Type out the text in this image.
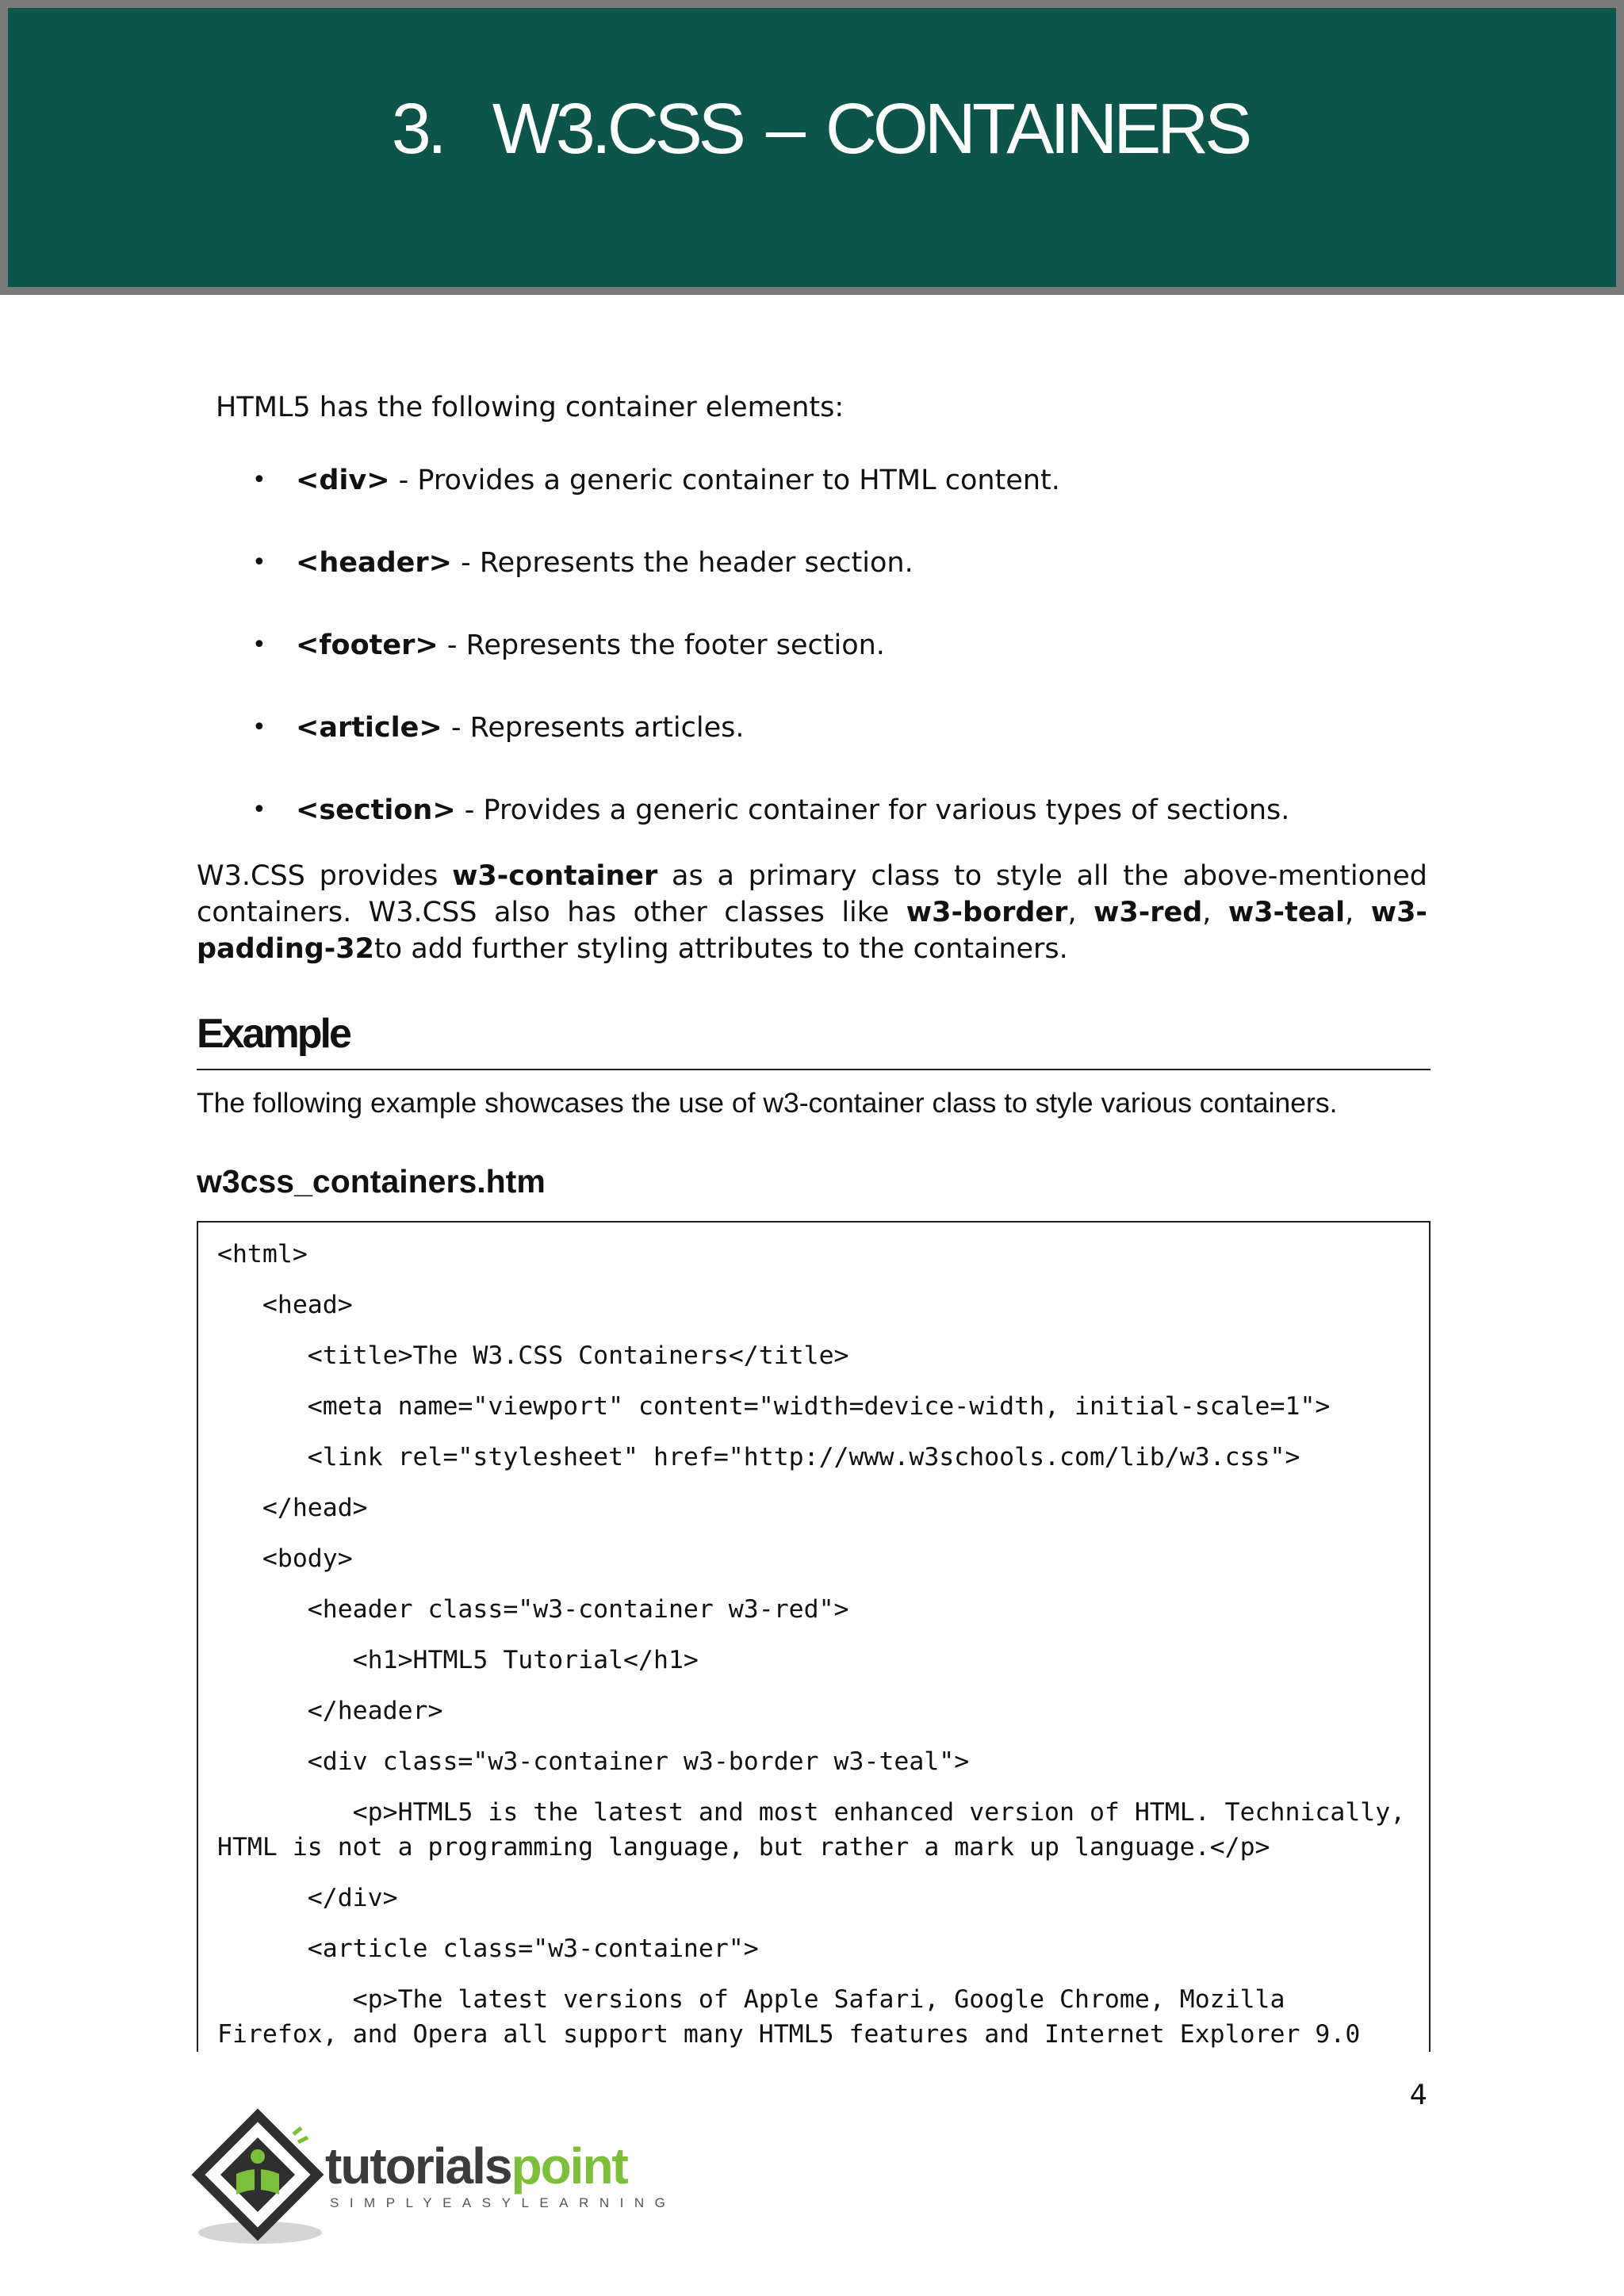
3. W3.CSS – CONTAINERS

HTML5 has the following container elements:

• <div> - Provides a generic container to HTML content.
• <header> - Represents the header section.
• <footer> - Represents the footer section.
• <article> - Represents articles.
• <section> - Provides a generic container for various types of sections.

W3.CSS provides w3-container as a primary class to style all the above-mentioned containers. W3.CSS also has other classes like w3-border, w3-red, w3-teal, w3-padding-32to add further styling attributes to the containers.

Example

The following example showcases the use of w3-container class to style various containers.

w3css_containers.htm
<html>
<head>
<title>The W3.CSS Containers</title>
<meta name="viewport" content="width=device-width, initial-scale=1">
<link rel="stylesheet" href="http://www.w3schools.com/lib/w3.css">
</head>
<body>
<header class="w3-container w3-red">
<h1>HTML5 Tutorial</h1>
</header>
<div class="w3-container w3-border w3-teal">
<p>HTML5 is the latest and most enhanced version of HTML. Technically,
HTML is not a programming language, but rather a mark up language.</p>
</div>
<article class="w3-container">
<p>The latest versions of Apple Safari, Google Chrome, Mozilla
Firefox, and Opera all support many HTML5 features and Internet Explorer 9.0
4
tutorialspoint
SIMPLYEASYLEARNING
